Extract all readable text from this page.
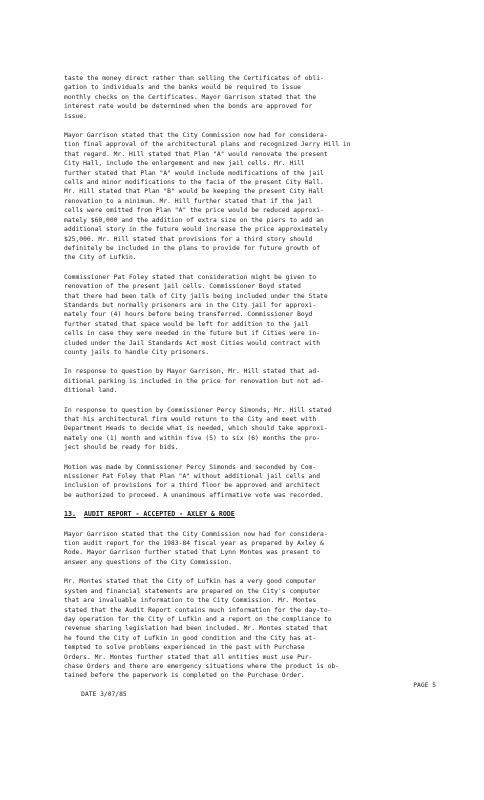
taste the money direct rather than selling the Certificates of obli-
gation to individuals and the banks would be required to issue
monthly checks on the Certificates. Mayor Garrison stated that the
interest rate would be determined when the bonds are approved for
issue.

Mayor Garrison stated that the City Commission now had for considera-
tion final approval of the architectural plans and recognized Jerry Hill in
that regard. Mr. Hill stated that Plan "A" would renovate the present
City Hall, include the enlargement and new jail cells. Mr. Hill
further stated that Plan "A" would include modifications of the jail
cells and minor modifications to the facia of the present City Hall.
Mr. Hill stated that Plan "B" would be keeping the present City Hall
renovation to a minimum. Mr. Hill further stated that if the jail
cells were omitted from Plan "A" the price would be reduced approxi-
mately $60,000 and the addition of extra size on the piers to add an
additional story in the future would increase the price approximately
$25,000. Mr. Hill stated that provisions for a third story should
definitely be included in the plans to provide for future growth of
the City of Lufkin.

Commissioner Pat Foley stated that consideration might be given to
renovation of the present jail cells. Commissioner Boyd stated
that there had been talk of City jails being included under the State
Standards but normally prisoners are in the City jail for approxi-
mately four (4) hours before being transferred. Commissioner Boyd
further stated that space would be left for addition to the jail
cells in case they were needed in the future but if Cities were in-
cluded under the Jail Standards Act most Cities would contract with
county jails to handle City prisoners.

In response to question by Mayor Garrison, Mr. Hill stated that ad-
ditional parking is included in the price for renovation but not ad-
ditional land.

In response to question by Commissioner Percy Simonds, Mr. Hill stated
that his architectural firm would return to the City and meet with
Department Heads to decide what is needed, which should take approxi-
mately one (1) month and within five (5) to six (6) months the pro-
ject should be ready for bids.

Motion was made by Commissioner Percy Simonds and seconded by Com-
missioner Pat Foley that Plan "A" without additional jail cells and
inclusion of provisions for a third floor be approved and architect
be authorized to proceed. A unanimous affirmative vote was recorded.

13. AUDIT REPORT - ACCEPTED - AXLEY & RODE

Mayor Garrison stated that the City Commission now had for considera-
tion audit report for the 1983-84 fiscal year as prepared by Axley &
Rode. Mayor Garrison further stated that Lynn Montes was present to
answer any questions of the City Commission.

Mr. Montes stated that the City of Lufkin has a very good computer
system and financial statements are prepared on the City's computer
that are invaluable information to the City Commission. Mr. Montes
stated that the Audit Report contains much information for the day-to-
day operation for the City of Lufkin and a report on the compliance to
revenue sharing legislation had been included. Mr. Montes stated that
he found the City of Lufkin in good condition and the City has at-
tempted to solve problems experienced in the past with Purchase
Orders. Mr. Montes further stated that all entities must use Pur-
chase Orders and there are emergency situations where the product is ob-
tained before the paperwork is completed on the Purchase Order.

DATE 3/07/85

PAGE 5
